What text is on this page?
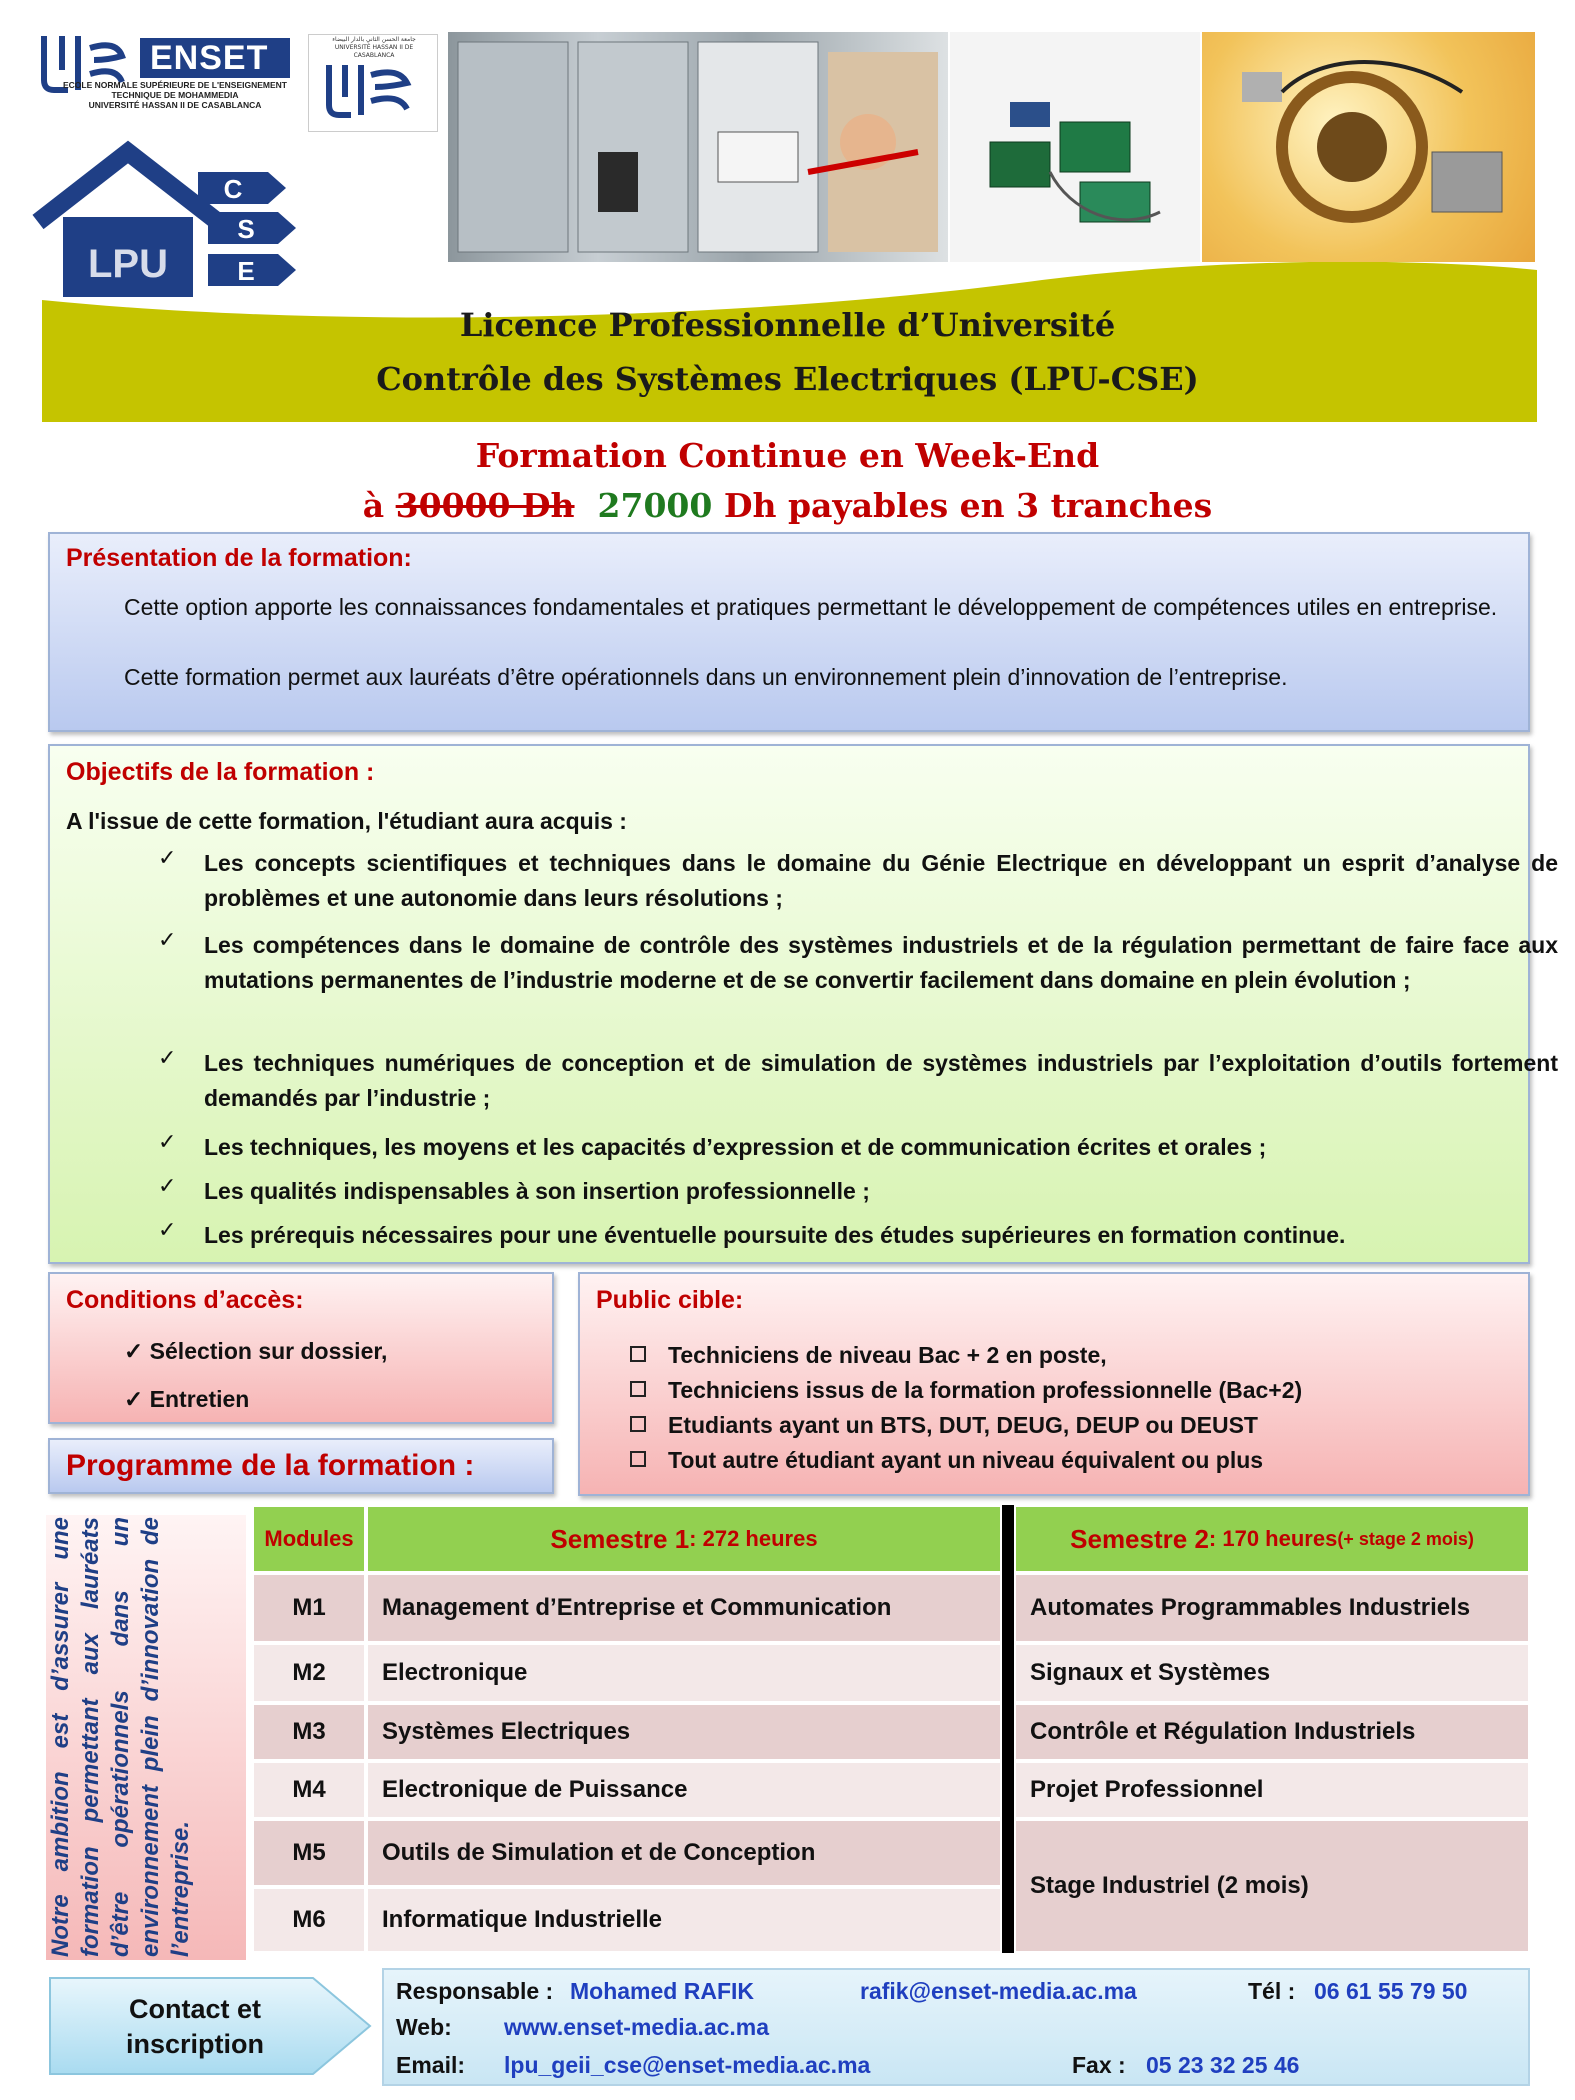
ENSET
ECOLE NORMALE SUPÉRIEURE DE L'ENSEIGNEMENT
TECHNIQUE DE MOHAMMEDIA
UNIVERSITÉ HASSAN II DE CASABLANCA
C
S
E
LPU
جامعة الحسن الثاني بالدار البيضاء
UNIVERSITÉ HASSAN II DE CASABLANCA
Licence Professionnelle d’Université
Contrôle des Systèmes Electriques (LPU-CSE)
Formation Continue en Week-End
à 30000 Dh 27000 Dh payables en 3 tranches
Présentation de la formation:
Cette option apporte les connaissances fondamentales et pratiques permettant le développement de compétences utiles en entreprise.
Cette formation permet aux lauréats d’être opérationnels dans un environnement plein d’innovation de l’entreprise.
Objectifs de la formation :
A l'issue de cette formation, l'étudiant aura acquis :
✓ Les concepts scientifiques et techniques dans le domaine du Génie Electrique en développant un esprit d’analyse de problèmes et une autonomie dans leurs résolutions ;
✓ Les compétences dans le domaine de contrôle des systèmes industriels et de la régulation permettant de faire face aux mutations permanentes de l’industrie moderne et de se convertir facilement dans domaine en plein évolution ;
✓ Les techniques numériques de conception et de simulation de systèmes industriels par l’exploitation d’outils fortement demandés par l’industrie ;
✓ Les techniques, les moyens et les capacités d’expression et de communication écrites et orales ;
✓ Les qualités indispensables à son insertion professionnelle ;
✓ Les prérequis nécessaires pour une éventuelle poursuite des études supérieures en formation continue.
Conditions d’accès:
✓ Sélection sur dossier,
✓ Entretien
Public cible:
Techniciens de niveau Bac + 2 en poste,
Techniciens issus de la formation professionnelle (Bac+2)
Etudiants ayant un BTS, DUT, DEUG, DEUP ou DEUST
Tout autre étudiant ayant un niveau équivalent ou plus
Programme de la formation :
Notre ambition est d’assurer une formation permettant aux lauréats d’être opérationnels dans un environnement plein d’innovation de l’entreprise.
Modules	Semestre 1 : 272 heures	Semestre 2 : 170 heures (+ stage 2 mois)
M1 Management d’Entreprise et Communication	Automates Programmables Industriels
M2 Electronique	Signaux et Systèmes
M3 Systèmes Electriques	Contrôle et Régulation Industriels
M4 Electronique de Puissance	Projet Professionnel
M5 Outils de Simulation et de Conception
M6 Informatique Industrielle
Stage Industriel (2 mois)
Contact et inscription
Responsable : Mohamed RAFIK	rafik@enset-media.ac.ma	Tél : 06 61 55 79 50
Web: www.enset-media.ac.ma
Email: lpu_geii_cse@enset-media.ac.ma	Fax : 05 23 32 25 46
